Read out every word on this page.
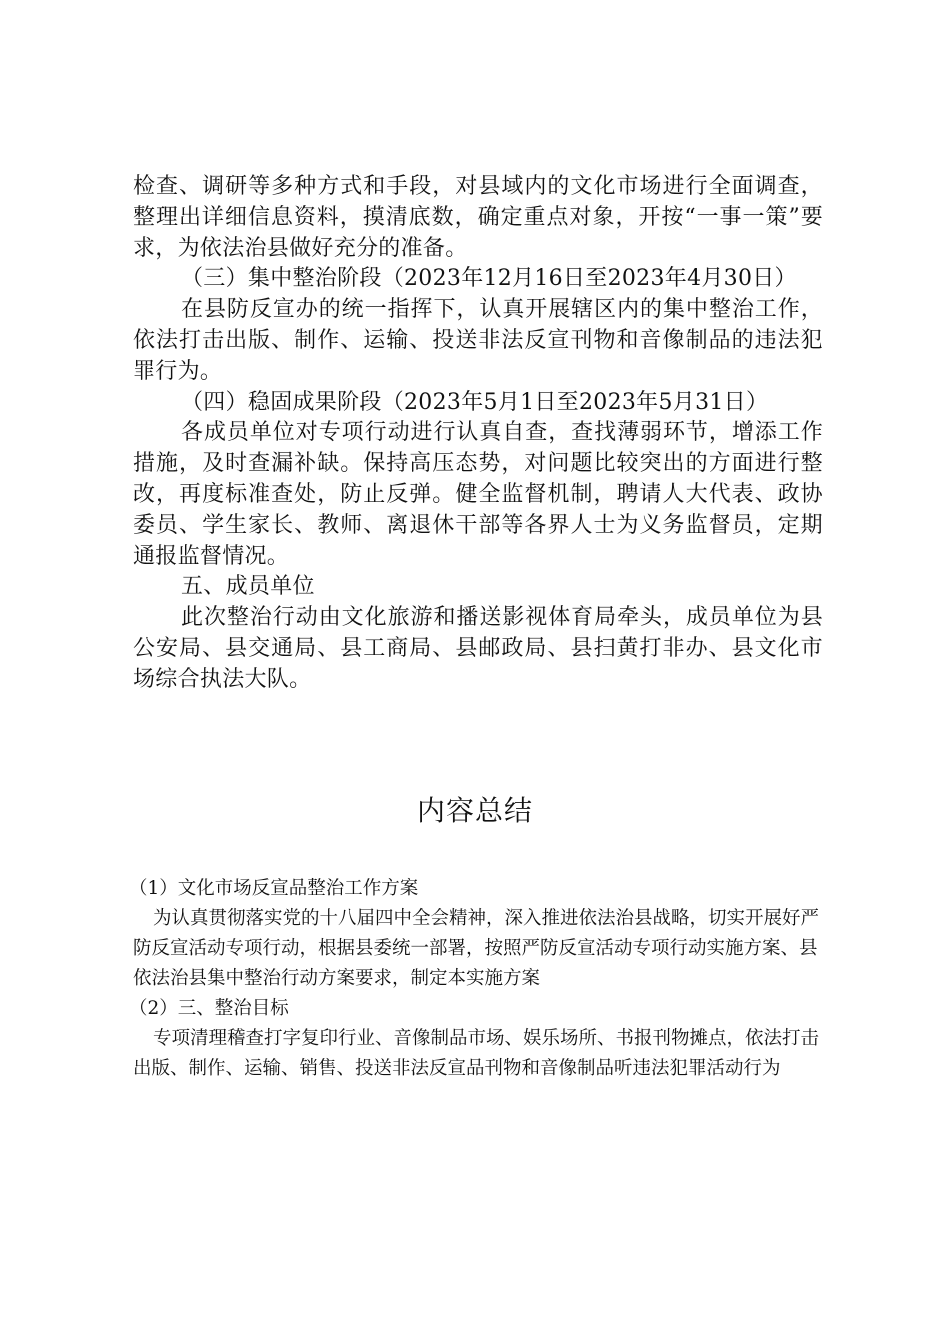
检查、调研等多种方式和手段，对县域内的文化市场进行全面调查，整理出详细信息资料，摸清底数，确定重点对象，开按“一事一策”要求，为依法治县做好充分的准备。

（三）集中整治阶段（2023年12月16日至2023年4月30日）

在县防反宣办的统一指挥下，认真开展辖区内的集中整治工作，依法打击出版、制作、运输、投送非法反宣刊物和音像制品的违法犯罪行为。

（四）稳固成果阶段（2023年5月1日至2023年5月31日）

各成员单位对专项行动进行认真自查，查找薄弱环节，增添工作措施，及时查漏补缺。保持高压态势，对问题比较突出的方面进行整改，再度标准查处，防止反弹。健全监督机制，聘请人大代表、政协委员、学生家长、教师、离退休干部等各界人士为义务监督员，定期通报监督情况。

五、成员单位

此次整治行动由文化旅游和播送影视体育局牵头，成员单位为县公安局、县交通局、县工商局、县邮政局、县扫黄打非办、县文化市场综合执法大队。

内容总结

（1）文化市场反宣品整治工作方案

为认真贯彻落实党的十八届四中全会精神，深入推进依法治县战略，切实开展好严防反宣活动专项行动，根据县委统一部署，按照严防反宣活动专项行动实施方案、县依法治县集中整治行动方案要求，制定本实施方案

（2）三、整治目标

专项清理稽查打字复印行业、音像制品市场、娱乐场所、书报刊物摊点，依法打击出版、制作、运输、销售、投送非法反宣品刊物和音像制品听违法犯罪活动行为
